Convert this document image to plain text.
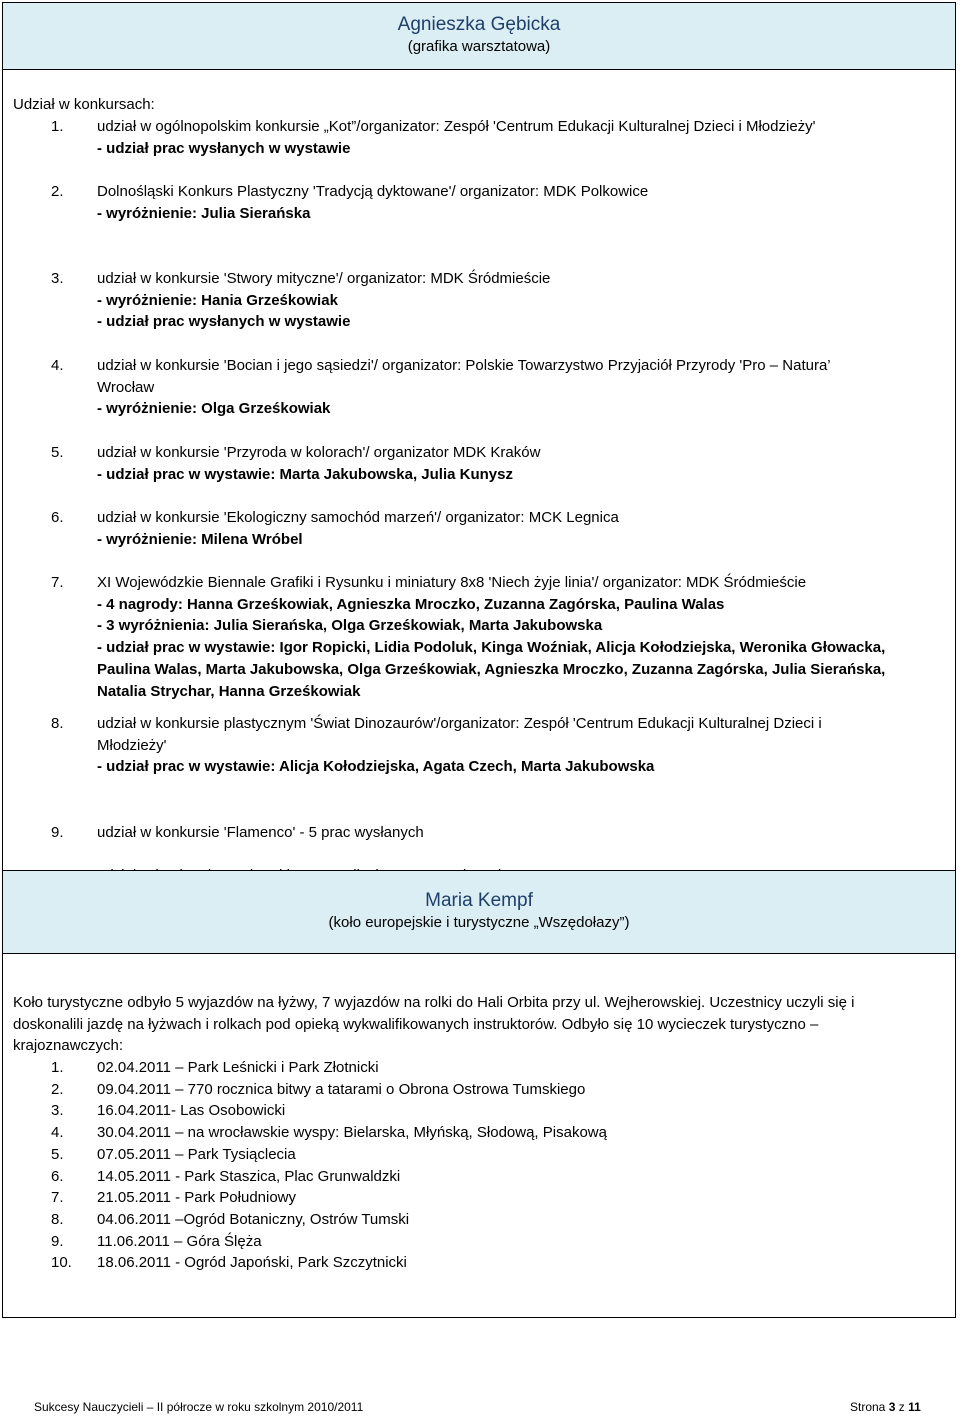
Agnieszka Gębicka
(grafika warsztatowa)
Udział w konkursach:
1. udział w ogólnopolskim konkursie „Kot”/organizator: Zespół 'Centrum Edukacji Kulturalnej Dzieci i Młodzieży'
- udział prac wysłanych w wystawie
2. Dolnośląski Konkurs Plastyczny 'Tradycją dyktowane'/ organizator: MDK Polkowice
- wyróżnienie: Julia Sierańska
3. udział w konkursie 'Stwory mityczne'/ organizator: MDK Śródmieście
- wyróżnienie: Hania Grześkowiak
- udział prac wysłanych w wystawie
4. udział w konkursie 'Bocian i jego sąsiedzi'/ organizator: Polskie Towarzystwo Przyjaciół Przyrody 'Pro – Natura’
Wrocław
- wyróżnienie: Olga Grześkowiak
5. udział w konkursie 'Przyroda w kolorach'/ organizator MDK Kraków
- udział prac w wystawie: Marta Jakubowska, Julia Kunysz
6. udział w konkursie 'Ekologiczny samochód marzeń'/ organizator: MCK Legnica
- wyróżnienie: Milena Wróbel
7. XI Wojewódzkie Biennale Grafiki i Rysunku i miniatury 8x8 'Niech żyje linia'/ organizator: MDK Śródmieście
- 4 nagrody: Hanna Grześkowiak, Agnieszka Mroczko, Zuzanna Zagórska, Paulina Walas
- 3 wyróżnienia: Julia Sierańska, Olga Grześkowiak, Marta Jakubowska
- udział prac w wystawie: Igor Ropicki, Lidia Podoluk, Kinga Woźniak, Alicja Kołodziejska, Weronika Głowacka,
Paulina Walas, Marta Jakubowska, Olga Grześkowiak, Agnieszka Mroczko, Zuzanna Zagórska, Julia Sierańska,
Natalia Strychar, Hanna Grześkowiak
8. udział w konkursie plastycznym 'Świat Dinozaurów'/organizator: Zespół 'Centrum Edukacji Kulturalnej Dzieci i
Młodzieży'
- udział prac w wystawie: Alicja Kołodziejska, Agata Czech, Marta Jakubowska
9. udział w konkursie 'Flamenco' - 5 prac wysłanych
Maria Kempf
(koło europejskie i turystyczne „Wszędołazy”)
Koło turystyczne odbyło 5 wyjazdów na łyżwy, 7 wyjazdów na rolki do Hali Orbita przy ul. Wejherowskiej. Uczestnicy uczyli się i
doskonalili jazdę na łyżwach i rolkach pod opieką wykwalifikowanych instruktorów. Odbyło się 10 wycieczek turystyczno –
krajoznawczych:
1. 02.04.2011 – Park Leśnicki i Park Złotnicki
2. 09.04.2011 – 770 rocznica bitwy a tatarami o Obrona Ostrowa Tumskiego
3. 16.04.2011- Las Osobowicki
4. 30.04.2011 – na wrocławskie wyspy: Bielarska, Młyńską, Słodową, Pisakową
5. 07.05.2011 – Park Tysiąclecia
6. 14.05.2011 - Park Staszica, Plac Grunwaldzki
7. 21.05.2011 - Park Południowy
8. 04.06.2011 –Ogród Botaniczny, Ostrów Tumski
9. 11.06.2011 – Góra Ślęża
10. 18.06.2011 - Ogród Japoński, Park Szczytnicki
Sukcesy Nauczycieli – II półrocze w roku szkolnym 2010/2011	Strona 3 z 11
